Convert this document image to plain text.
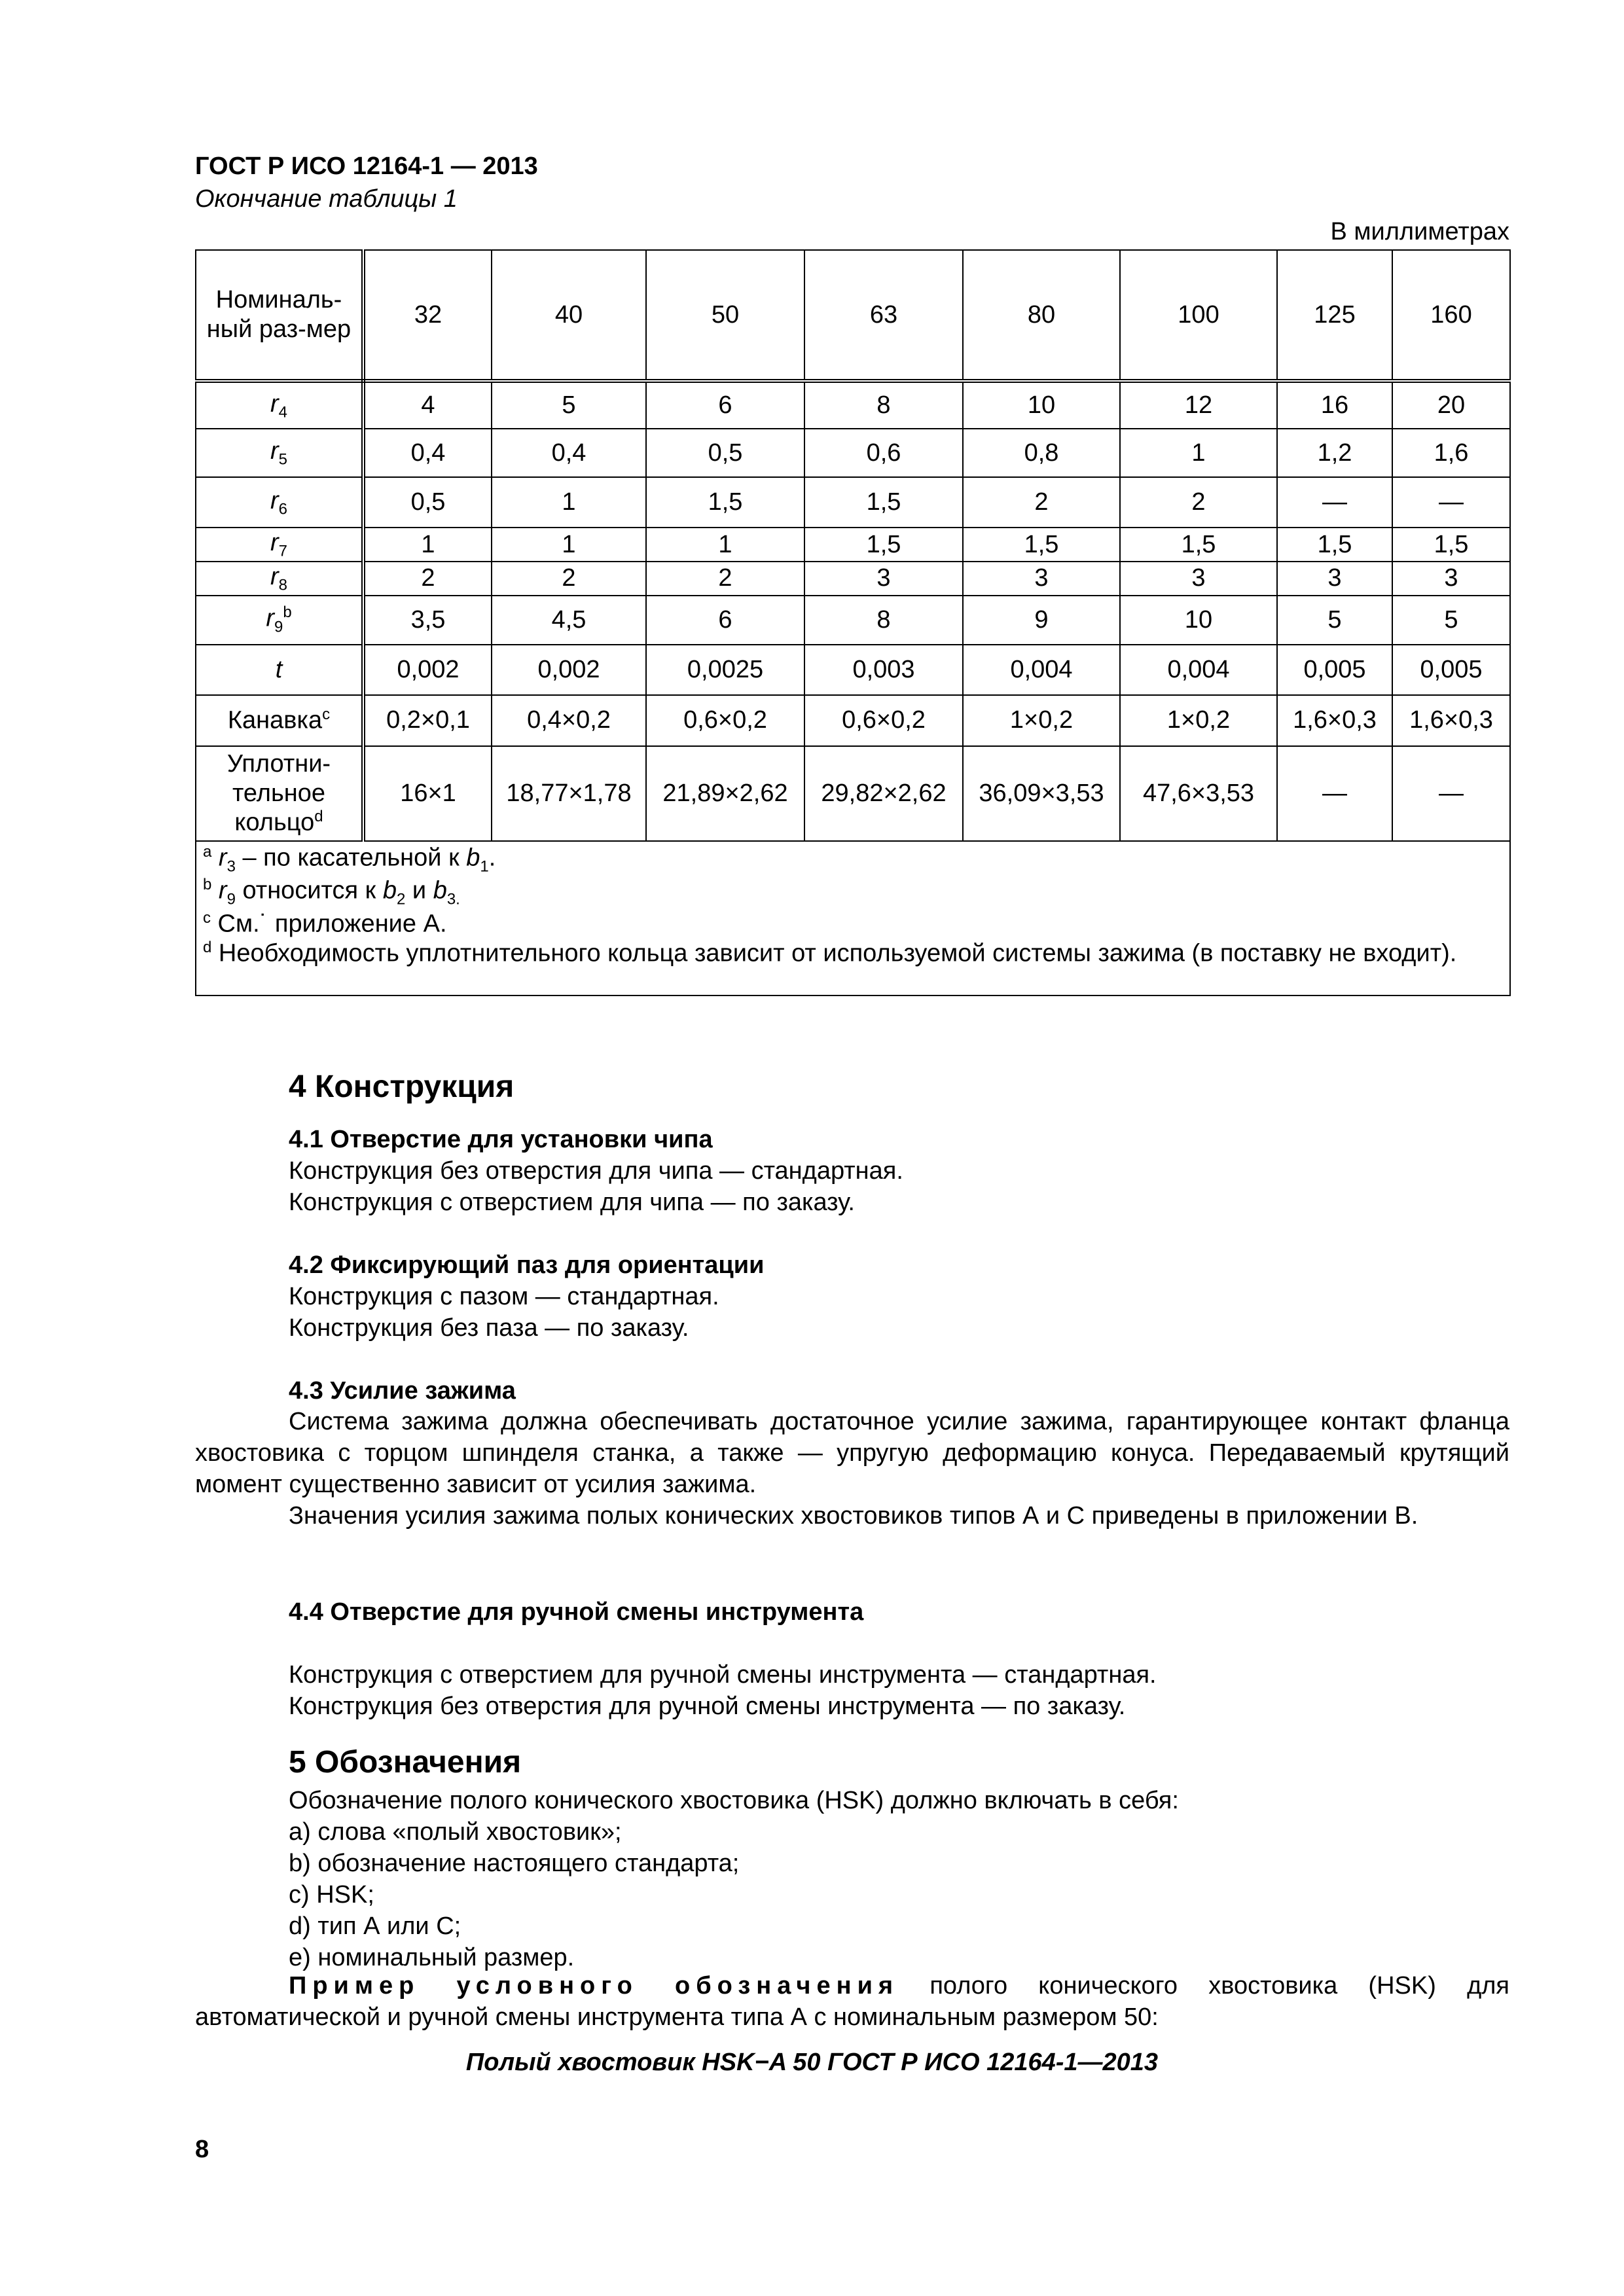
ГОСТ Р ИСО 12164-1 — 2013
Окончание таблицы 1
В миллиметрах
Номиналь-ный раз-мер	32	40	50	63	80	100	125	160
$r_4$	4	5	6	8	10	12	16	20
$r_5$	0,4	0,4	0,5	0,6	0,8	1	1,2	1,6
$r_6$	0,5	1	1,5	1,5	2	2	—	—
$r_7$	1	1	1	1,5	1,5	1,5	1,5	1,5
$r_8$	2	2	2	3	3	3	3	3
$r_9^b$	3,5	4,5	6	8	9	10	5	5
t	0,002	0,002	0,0025	0,003	0,004	0,004	0,005	0,005
Канавка$^c$	0,2×0,1	0,4×0,2	0,6×0,2	0,6×0,2	1×0,2	1×0,2	1,6×0,3	1,6×0,3
Уплотни-тельное кольцо$^d$	16×1	18,77×1,78	21,89×2,62	29,82×2,62	36,09×3,53	47,6×3,53	—	—

$^a$ $r_3$ – по касательной к $b_1$.
$^b$ $r_9$ относится к $b_2$ и $b_{3.}$
$^c$ См.˙ приложение А.
$^d$ Необходимость уплотнительного кольца зависит от используемой системы зажима (в поставку не входит).								
4 Конструкция
4.1 Отверстие для установки чипа
Конструкция без отверстия для чипа — стандартная.
Конструкция с отверстием для чипа — по заказу.
4.2 Фиксирующий паз для ориентации
Конструкция с пазом — стандартная.
Конструкция без паза — по заказу.
4.3 Усилие зажима
Система зажима должна обеспечивать достаточное усилие зажима, гарантирующее контакт фланца хвостовика с торцом шпинделя станка, а также — упругую деформацию конуса. Передаваемый крутящий момент существенно зависит от усилия зажима.
Значения усилия зажима полых конических хвостовиков типов А и С приведены в приложении В.
4.4 Отверстие для ручной смены инструмента
Конструкция с отверстием для ручной смены инструмента — стандартная.
Конструкция без отверстия для ручной смены инструмента — по заказу.
5 Обозначения
Обозначение полого конического хвостовика (HSK) должно включать в себя:
a) слова «полый хвостовик»;
b) обозначение настоящего стандарта;
c) HSK;
d) тип А или С;
e) номинальный размер.
Пример условного обозначения полого конического хвостовика (HSK) для автоматической и ручной смены инструмента типа А с номинальным размером 50:
Полый хвостовик HSK−A 50 ГОСТ Р ИСО 12164-1—2013
8
